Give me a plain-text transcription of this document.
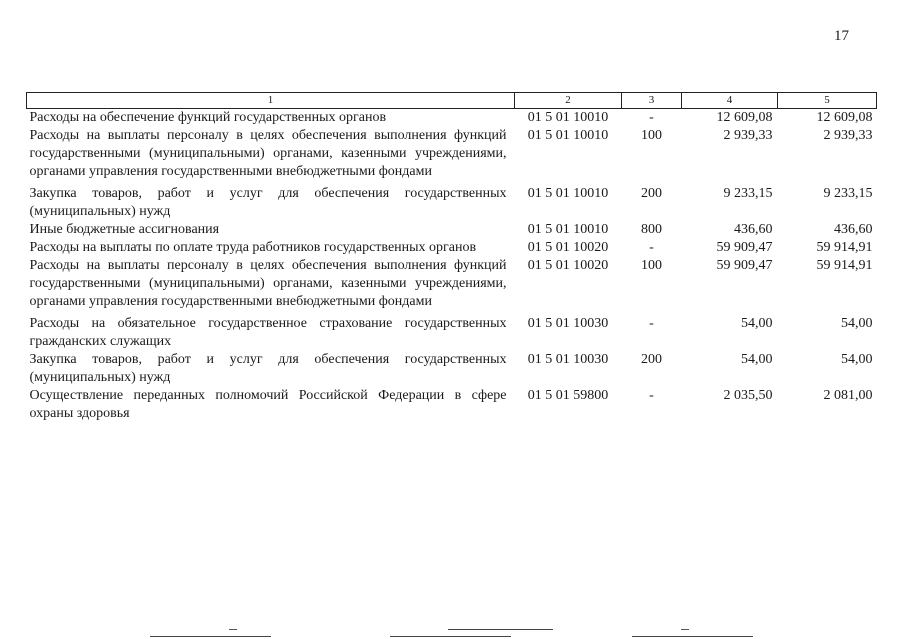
17
1	2	3	4	5
Расходы на обеспечение функций государственных органов	01 5 01 10010	-	12 609,08	12 609,08
Расходы на выплаты персоналу в целях обеспечения выполнения функций государственными (муниципальными) органами, казенными учреждениями, органами управления государственными внебюджетными фондами	01 5 01 10010	100	2 939,33	2 939,33
Закупка товаров, работ и услуг для обеспечения государственных (муниципальных) нужд	01 5 01 10010	200	9 233,15	9 233,15
Иные бюджетные ассигнования	01 5 01 10010	800	436,60	436,60
Расходы на выплаты по оплате труда работников государственных органов	01 5 01 10020	-	59 909,47	59 914,91
Расходы на выплаты персоналу в целях обеспечения выполнения функций государственными (муниципальными) органами, казенными учреждениями, органами управления государственными внебюджетными фондами	01 5 01 10020	100	59 909,47	59 914,91
Расходы на обязательное государственное страхование государственных гражданских служащих	01 5 01 10030	-	54,00	54,00
Закупка товаров, работ и услуг для обеспечения государственных (муниципальных) нужд	01 5 01 10030	200	54,00	54,00
Осуществление переданных полномочий Российской Федерации в сфере охраны здоровья	01 5 01 59800	-	2 035,50	2 081,00
